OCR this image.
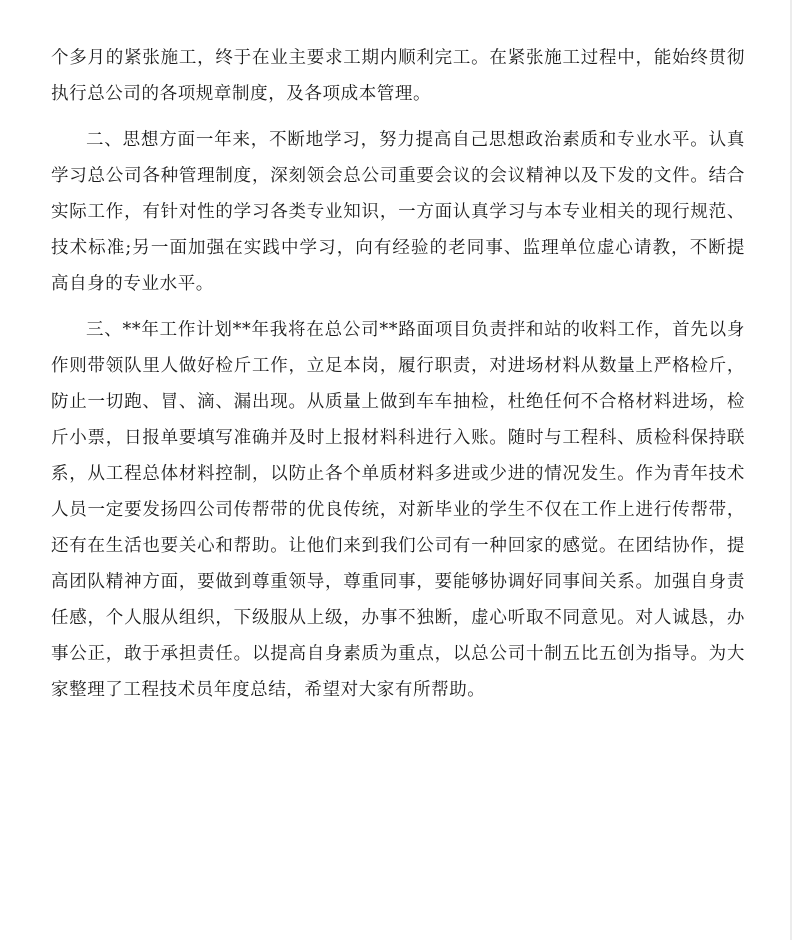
个多月的紧张施工，终于在业主要求工期内顺利完工。在紧张施工过程中，能始终贯彻执行总公司的各项规章制度，及各项成本管理。

二、思想方面一年来，不断地学习，努力提高自己思想政治素质和专业水平。认真学习总公司各种管理制度，深刻领会总公司重要会议的会议精神以及下发的文件。结合实际工作，有针对性的学习各类专业知识，一方面认真学习与本专业相关的现行规范、技术标准;另一面加强在实践中学习，向有经验的老同事、监理单位虚心请教，不断提高自身的专业水平。

三、**年工作计划**年我将在总公司**路面项目负责拌和站的收料工作，首先以身作则带领队里人做好检斤工作，立足本岗，履行职责，对进场材料从数量上严格检斤，防止一切跑、冒、滴、漏出现。从质量上做到车车抽检，杜绝任何不合格材料进场，检斤小票，日报单要填写准确并及时上报材料科进行入账。随时与工程科、质检科保持联系，从工程总体材料控制，以防止各个单质材料多进或少进的情况发生。作为青年技术人员一定要发扬四公司传帮带的优良传统，对新毕业的学生不仅在工作上进行传帮带，还有在生活也要关心和帮助。让他们来到我们公司有一种回家的感觉。在团结协作，提高团队精神方面，要做到尊重领导，尊重同事，要能够协调好同事间关系。加强自身责任感，个人服从组织，下级服从上级，办事不独断，虚心听取不同意见。对人诚恳，办事公正，敢于承担责任。以提高自身素质为重点，以总公司十制五比五创为指导。为大家整理了工程技术员年度总结，希望对大家有所帮助。
